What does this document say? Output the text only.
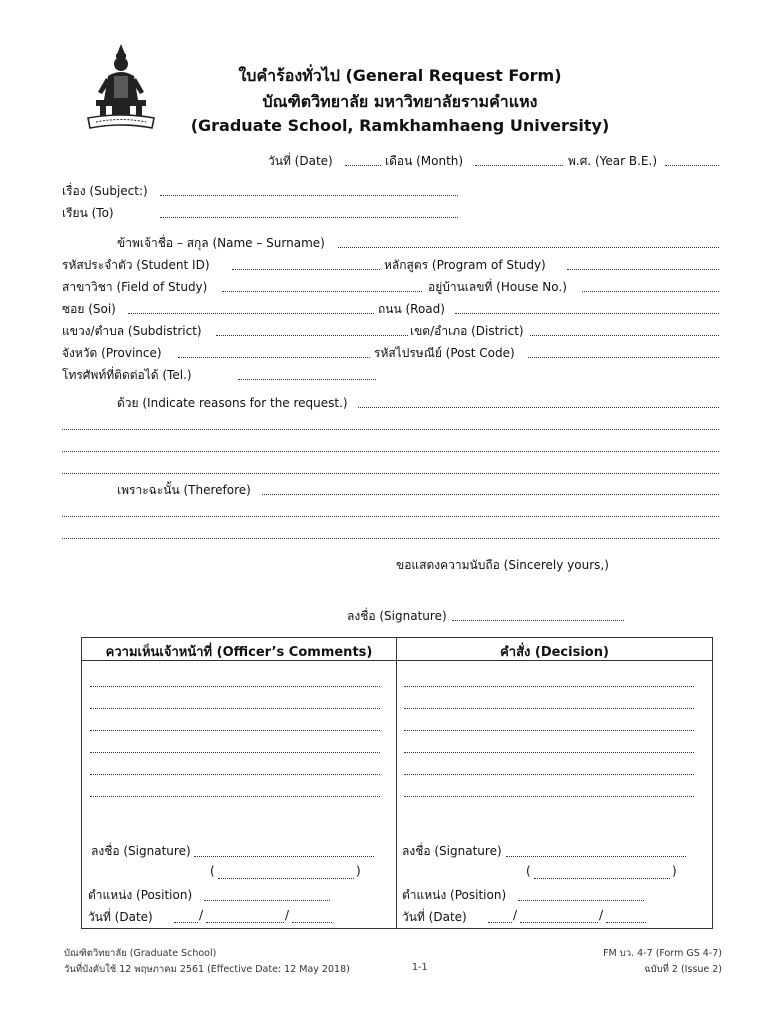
ใบคำร้องทั่วไป (General Request Form)
บัณฑิตวิทยาลัย มหาวิทยาลัยรามคำแหง
(Graduate School, Ramkhamhaeng University)
วันที่ (Date)	เดือน (Month)	พ.ศ. (Year B.E.)
เรื่อง (Subject:)
เรียน (To)
ข้าพเจ้าชื่อ – สกุล (Name – Surname)
รหัสประจำตัว (Student ID)	หลักสูตร (Program of Study)
สาขาวิชา (Field of Study)	อยู่บ้านเลขที่ (House No.)
ซอย (Soi)	ถนน (Road)
แขวง/ตำบล (Subdistrict)	เขต/อำเภอ (District)
จังหวัด (Province)	รหัสไปรษณีย์ (Post Code)
โทรศัพท์ที่ติดต่อได้ (Tel.)
ด้วย (Indicate reasons for the request.)
เพราะฉะนั้น (Therefore)
ขอแสดงความนับถือ (Sincerely yours,)
ลงชื่อ (Signature)
ความเห็นเจ้าหน้าที่ (Officer’s Comments)	คำสั่ง (Decision)
ลงชื่อ (Signature)
(	)
ตำแหน่ง (Position)
วันที่ (Date)	/	/
ลงชื่อ (Signature)
(	)
ตำแหน่ง (Position)
วันที่ (Date)	/	/
บัณฑิตวิทยาลัย (Graduate School)
วันที่บังคับใช้ 12 พฤษภาคม 2561 (Effective Date: 12 May 2018)	1-1
FM บว. 4-7 (Form GS 4-7)
ฉบับที่ 2 (Issue 2)
